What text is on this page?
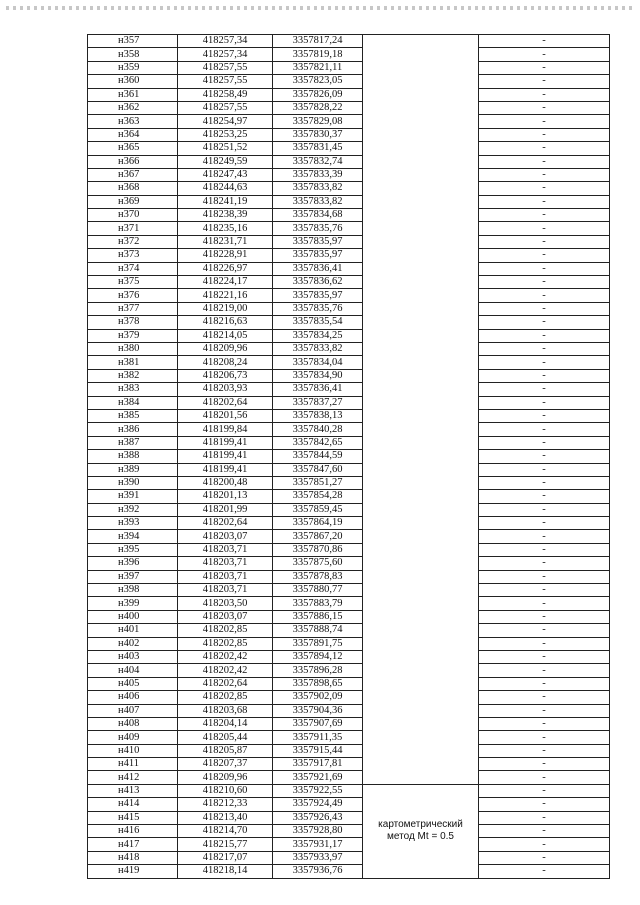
н357	418257,34	3357817,24		-
н358	418257,34	3357819,18		-
н359	418257,55	3357821,11		-
н360	418257,55	3357823,05		-
н361	418258,49	3357826,09		-
н362	418257,55	3357828,22		-
н363	418254,97	3357829,08		-
н364	418253,25	3357830,37		-
н365	418251,52	3357831,45		-
н366	418249,59	3357832,74		-
н367	418247,43	3357833,39		-
н368	418244,63	3357833,82		-
н369	418241,19	3357833,82		-
н370	418238,39	3357834,68		-
н371	418235,16	3357835,76		-
н372	418231,71	3357835,97		-
н373	418228,91	3357835,97		-
н374	418226,97	3357836,41		-
н375	418224,17	3357836,62		-
н376	418221,16	3357835,97		-
н377	418219,00	3357835,76		-
н378	418216,63	3357835,54		-
н379	418214,05	3357834,25		-
н380	418209,96	3357833,82		-
н381	418208,24	3357834,04		-
н382	418206,73	3357834,90		-
н383	418203,93	3357836,41		-
н384	418202,64	3357837,27		-
н385	418201,56	3357838,13		-
н386	418199,84	3357840,28		-
н387	418199,41	3357842,65		-
н388	418199,41	3357844,59		-
н389	418199,41	3357847,60		-
н390	418200,48	3357851,27		-
н391	418201,13	3357854,28		-
н392	418201,99	3357859,45		-
н393	418202,64	3357864,19		-
н394	418203,07	3357867,20		-
н395	418203,71	3357870,86		-
н396	418203,71	3357875,60		-
н397	418203,71	3357878,83		-
н398	418203,71	3357880,77		-
н399	418203,50	3357883,79		-
н400	418203,07	3357886,15		-
н401	418202,85	3357888,74		-
н402	418202,85	3357891,75		-
н403	418202,42	3357894,12		-
н404	418202,42	3357896,28		-
н405	418202,64	3357898,65		-
н406	418202,85	3357902,09		-
н407	418203,68	3357904,36		-
н408	418204,14	3357907,69		-
н409	418205,44	3357911,35		-
н410	418205,87	3357915,44		-
н411	418207,37	3357917,81		-
н412	418209,96	3357921,69		-
н413	418210,60	3357922,55	картометрический
метод Mt = 0.5	-
н414	418212,33	3357924,49		-
н415	418213,40	3357926,43		-
н416	418214,70	3357928,80		-
н417	418215,77	3357931,17		-
н418	418217,07	3357933,97		-
н419	418218,14	3357936,76		-
